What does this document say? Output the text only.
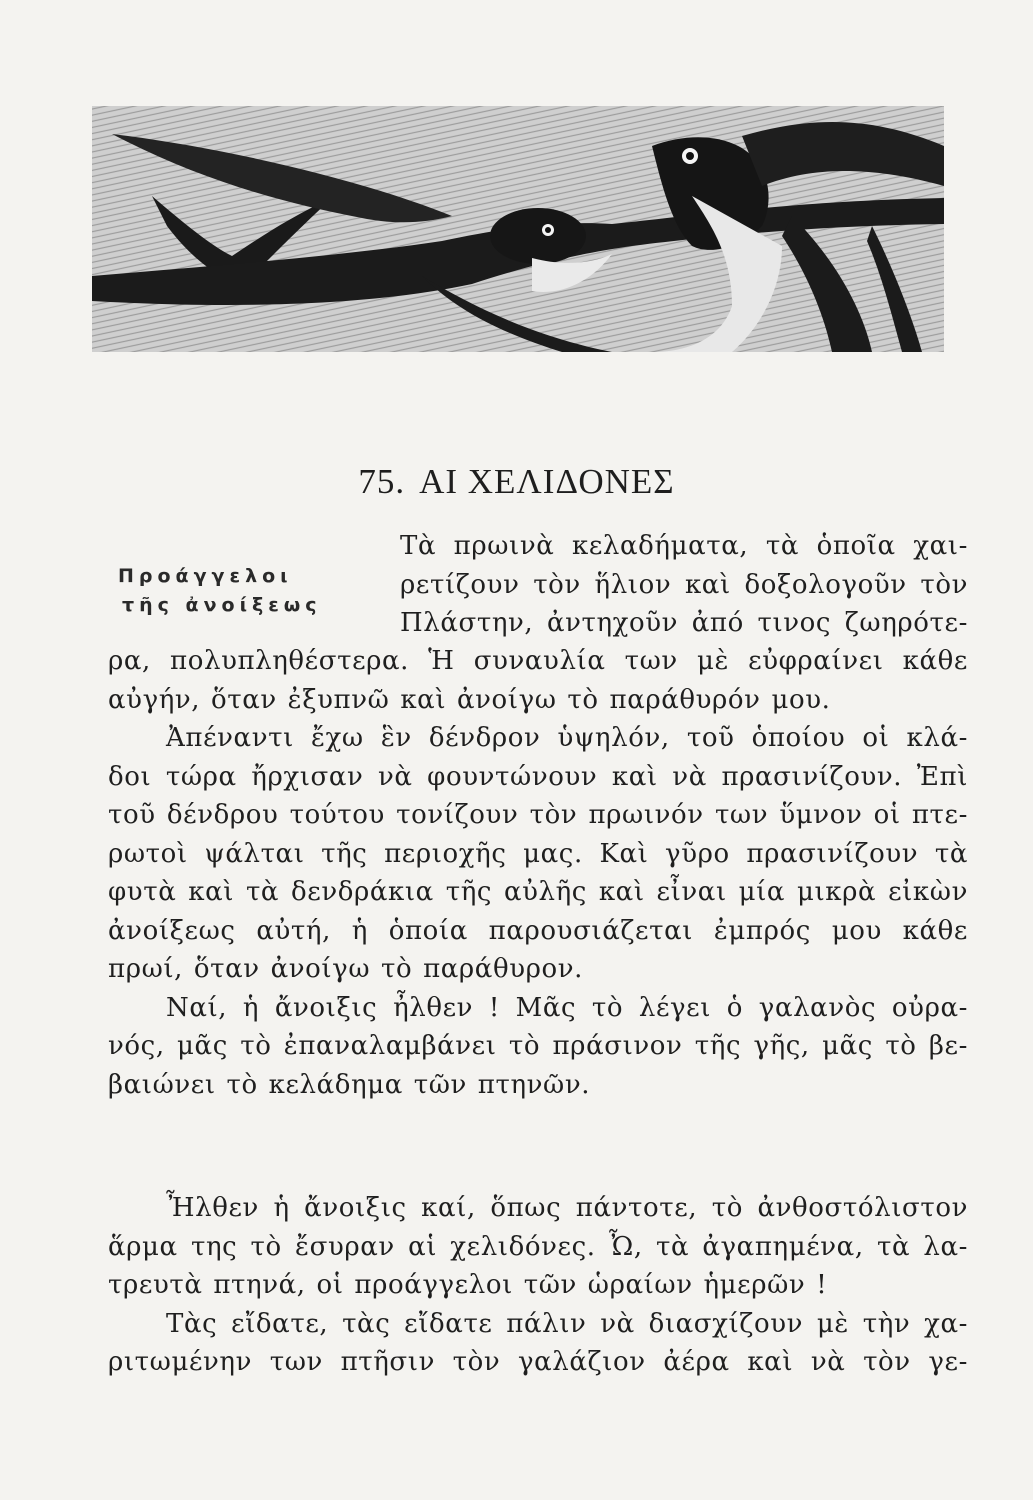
75. ΑΙ ΧΕΛΙΔΟΝΕΣ
Προάγγελοι
τῆς ἀνοίξεως
Τὰ πρωινὰ κελαδήματα, τὰ ὁποῖα χαι-
ρετίζουν τὸν ἥλιον καὶ δοξολογοῦν τὸν
Πλάστην, ἀντηχοῦν ἀπό τινος ζωηρότε-
ρα, πολυπληθέστερα. Ἡ συναυλία των μὲ εὐφραίνει κάθε
αὐγήν, ὅταν ἐξυπνῶ καὶ ἀνοίγω τὸ παράθυρόν μου.
Ἀπέναντι ἔχω ἓν δένδρον ὑψηλόν, τοῦ ὁποίου οἱ κλά-
δοι τώρα ἤρχισαν νὰ φουντώνουν καὶ νὰ πρασινίζουν. Ἐπὶ
τοῦ δένδρου τούτου τονίζουν τὸν πρωινόν των ὕμνον οἱ πτε-
ρωτοὶ ψάλται τῆς περιοχῆς μας. Καὶ γῦρο πρασινίζουν τὰ
φυτὰ καὶ τὰ δενδράκια τῆς αὐλῆς καὶ εἶναι μία μικρὰ εἰκὼν
ἀνοίξεως αὐτή, ἡ ὁποία παρουσιάζεται ἐμπρός μου κάθε
πρωί, ὅταν ἀνοίγω τὸ παράθυρον.
Ναί, ἡ ἄνοιξις ἦλθεν ! Μᾶς τὸ λέγει ὁ γαλανὸς οὐρα-
νός, μᾶς τὸ ἐπαναλαμβάνει τὸ πράσινον τῆς γῆς, μᾶς τὸ βε-
βαιώνει τὸ κελάδημα τῶν πτηνῶν.
Ἦλθεν ἡ ἄνοιξις καί, ὅπως πάντοτε, τὸ ἀνθοστόλιστον
ἅρμα της τὸ ἔσυραν αἱ χελιδόνες. Ὦ, τὰ ἀγαπημένα, τὰ λα-
τρευτὰ πτηνά, οἱ προάγγελοι τῶν ὡραίων ἡμερῶν !
Τὰς εἴδατε, τὰς εἴδατε πάλιν νὰ διασχίζουν μὲ τὴν χα-
ριτωμένην των πτῆσιν τὸν γαλάζιον ἀέρα καὶ νὰ τὸν γε-
